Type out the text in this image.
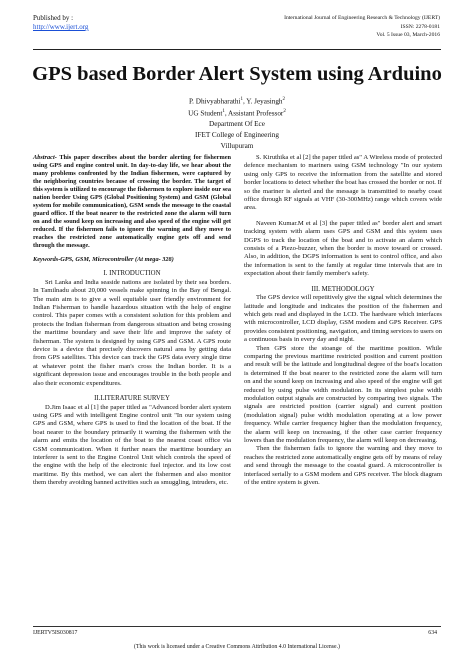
Published by :
http://www.ijert.org
International Journal of Engineering Research & Technology (IJERT)
ISSN: 2278-0181
Vol. 5 Issue 03, March-2016
GPS based Border Alert System using Arduino
P. Dhivyabharathi$^1$, Y. Jeyasingh$^2$
UG Student$^1$, Assistant Professor$^2$
Department Of Ece
IFET College of Engineering
Villupuram

Abstract- This paper describes about the border alerting for fishermen using GPS and engine control unit. In day-to-day life, we hear about the many problems confronted by the Indian fishermen, were captured by the neighboring countries because of crossing the border. The target of this system is utilized to encourage the fishermen to explore inside our sea nation border Using GPS (Global Positioning System) and GSM (Global system for mobile communication), GSM sends the message to the coastal guard office. If the boat nearer to the restricted zone the alarm will turn on and the sound keep on increasing and also speed of the engine will get reduced. If the fishermen fails to ignore the warning and they move to reaches the restricted zone automatically engine gets off and send through the message.

Keywords-GPS, GSM, Microcontroller (At mega- 328)

I. INTRODUCTION

Sri Lanka and India seaside nations are isolated by their sea borders. In Tamilnadu about 20,000 vessels make spinning in the Bay of Bengal. The main aim is to give a well equitable user friendly environment for Indian Fisherman to handle hazardous situation with the help of engine control. This paper comes with a consistent solution for this problem and protects the Indian fisherman from dangerous situation and being crossing the maritime boundary and save their life and improve the safety of fisherman. The system is designed by using GPS and GSM. A GPS route device is a device that precisely discovers natural area by getting data from GPS satellites. This device can track the GPS data every single time at whatever point the fisher man's cross the Indian border. It is a significant depression issue and encourages trouble in the both people and also their economic expenditures.

II.LITERATURE SURVEY

D.Jim Isaac et al [1] the paper titled as "Advanced border alert system using GPS and with intelligent Engine control unit "In our system using GPS and GSM, where GPS is used to find the location of the boat. If the boat nearer to the boundary primarily it warning the fishermen with the alarm and emits the location of the boat to the nearest coast office via GSM communication. When it further nears the maritime boundary an interferer is sent to the Engine Control Unit which controls the speed of the engine with the help of the electronic fuel injector. and its low cost maritime. By this method, we can alert the fishermen and also monitor them thereby avoiding banned activities such as smuggling, intruders, etc.

S. Kiruthika et al [2] the paper titled as" A Wireless mode of protected defence mechanism to mariners using GSM technology "In our system using only GPS to receive the information from the satellite and stored border locations to detect whether the boat has crossed the border or not. If so the mariner is alerted and the message is transmitted to nearby coast office through RF signals at VHF (30-300MHz) range which covers wide area.

Naveen Kumar.M et al [3] the paper titled as" border alert and smart tracking system with alarm uses GPS and GSM and this system uses DGPS to track the location of the boat and to activate an alarm which consists of a Piezo-buzzer, when the border is move toward or crossed. Also, in addition, the DGPS information is sent to control office, and also the information is sent to the family at regular time intervals that are in expectation about their family member's safety.

III. METHODOLOGY

The GPS device will repetitively give the signal which determines the latitude and longitude and indicates the position of the fishermen and which gets read and displayed in the LCD. The hardware which interfaces with microcontroller, LCD display, GSM modem and GPS Receiver. GPS provides consistent positioning, navigation, and timing services to users on a continuous basis in every day and night.

Then GPS store the stoange of the maritime position. While comparing the previous maritime restricted position and current position and result will be the latitude and longitudinal degree of the boat's location is determined If the boat nearer to the restricted zone the alarm will turn on and the sound keep on increasing and also speed of the engine will get reduced by using pulse width modulation. In its simplest pulse width modulation output signals are constructed by comparing two signals. The signals are restricted position (carrier signal) and current position (modulation signal) pulse width modulation operating at a low power frequency. While carrier frequency higher than the modulation frequency, the alarm will keep on increasing, if the other case carrier frequency lowers than the modulation frequency, the alarm will keep on decreasing.

Then the fishermen fails to ignore the warning and they move to reaches the restricted zone automatically engine gets off by means of relay and send through the message to the coastal guard. A microcontroller is interfaced serially to a GSM modem and GPS receiver. The block diagram of the entire system is given.

IJERTV5IS030817	634
(This work is licensed under a Creative Commons Attribution 4.0 International License.)
